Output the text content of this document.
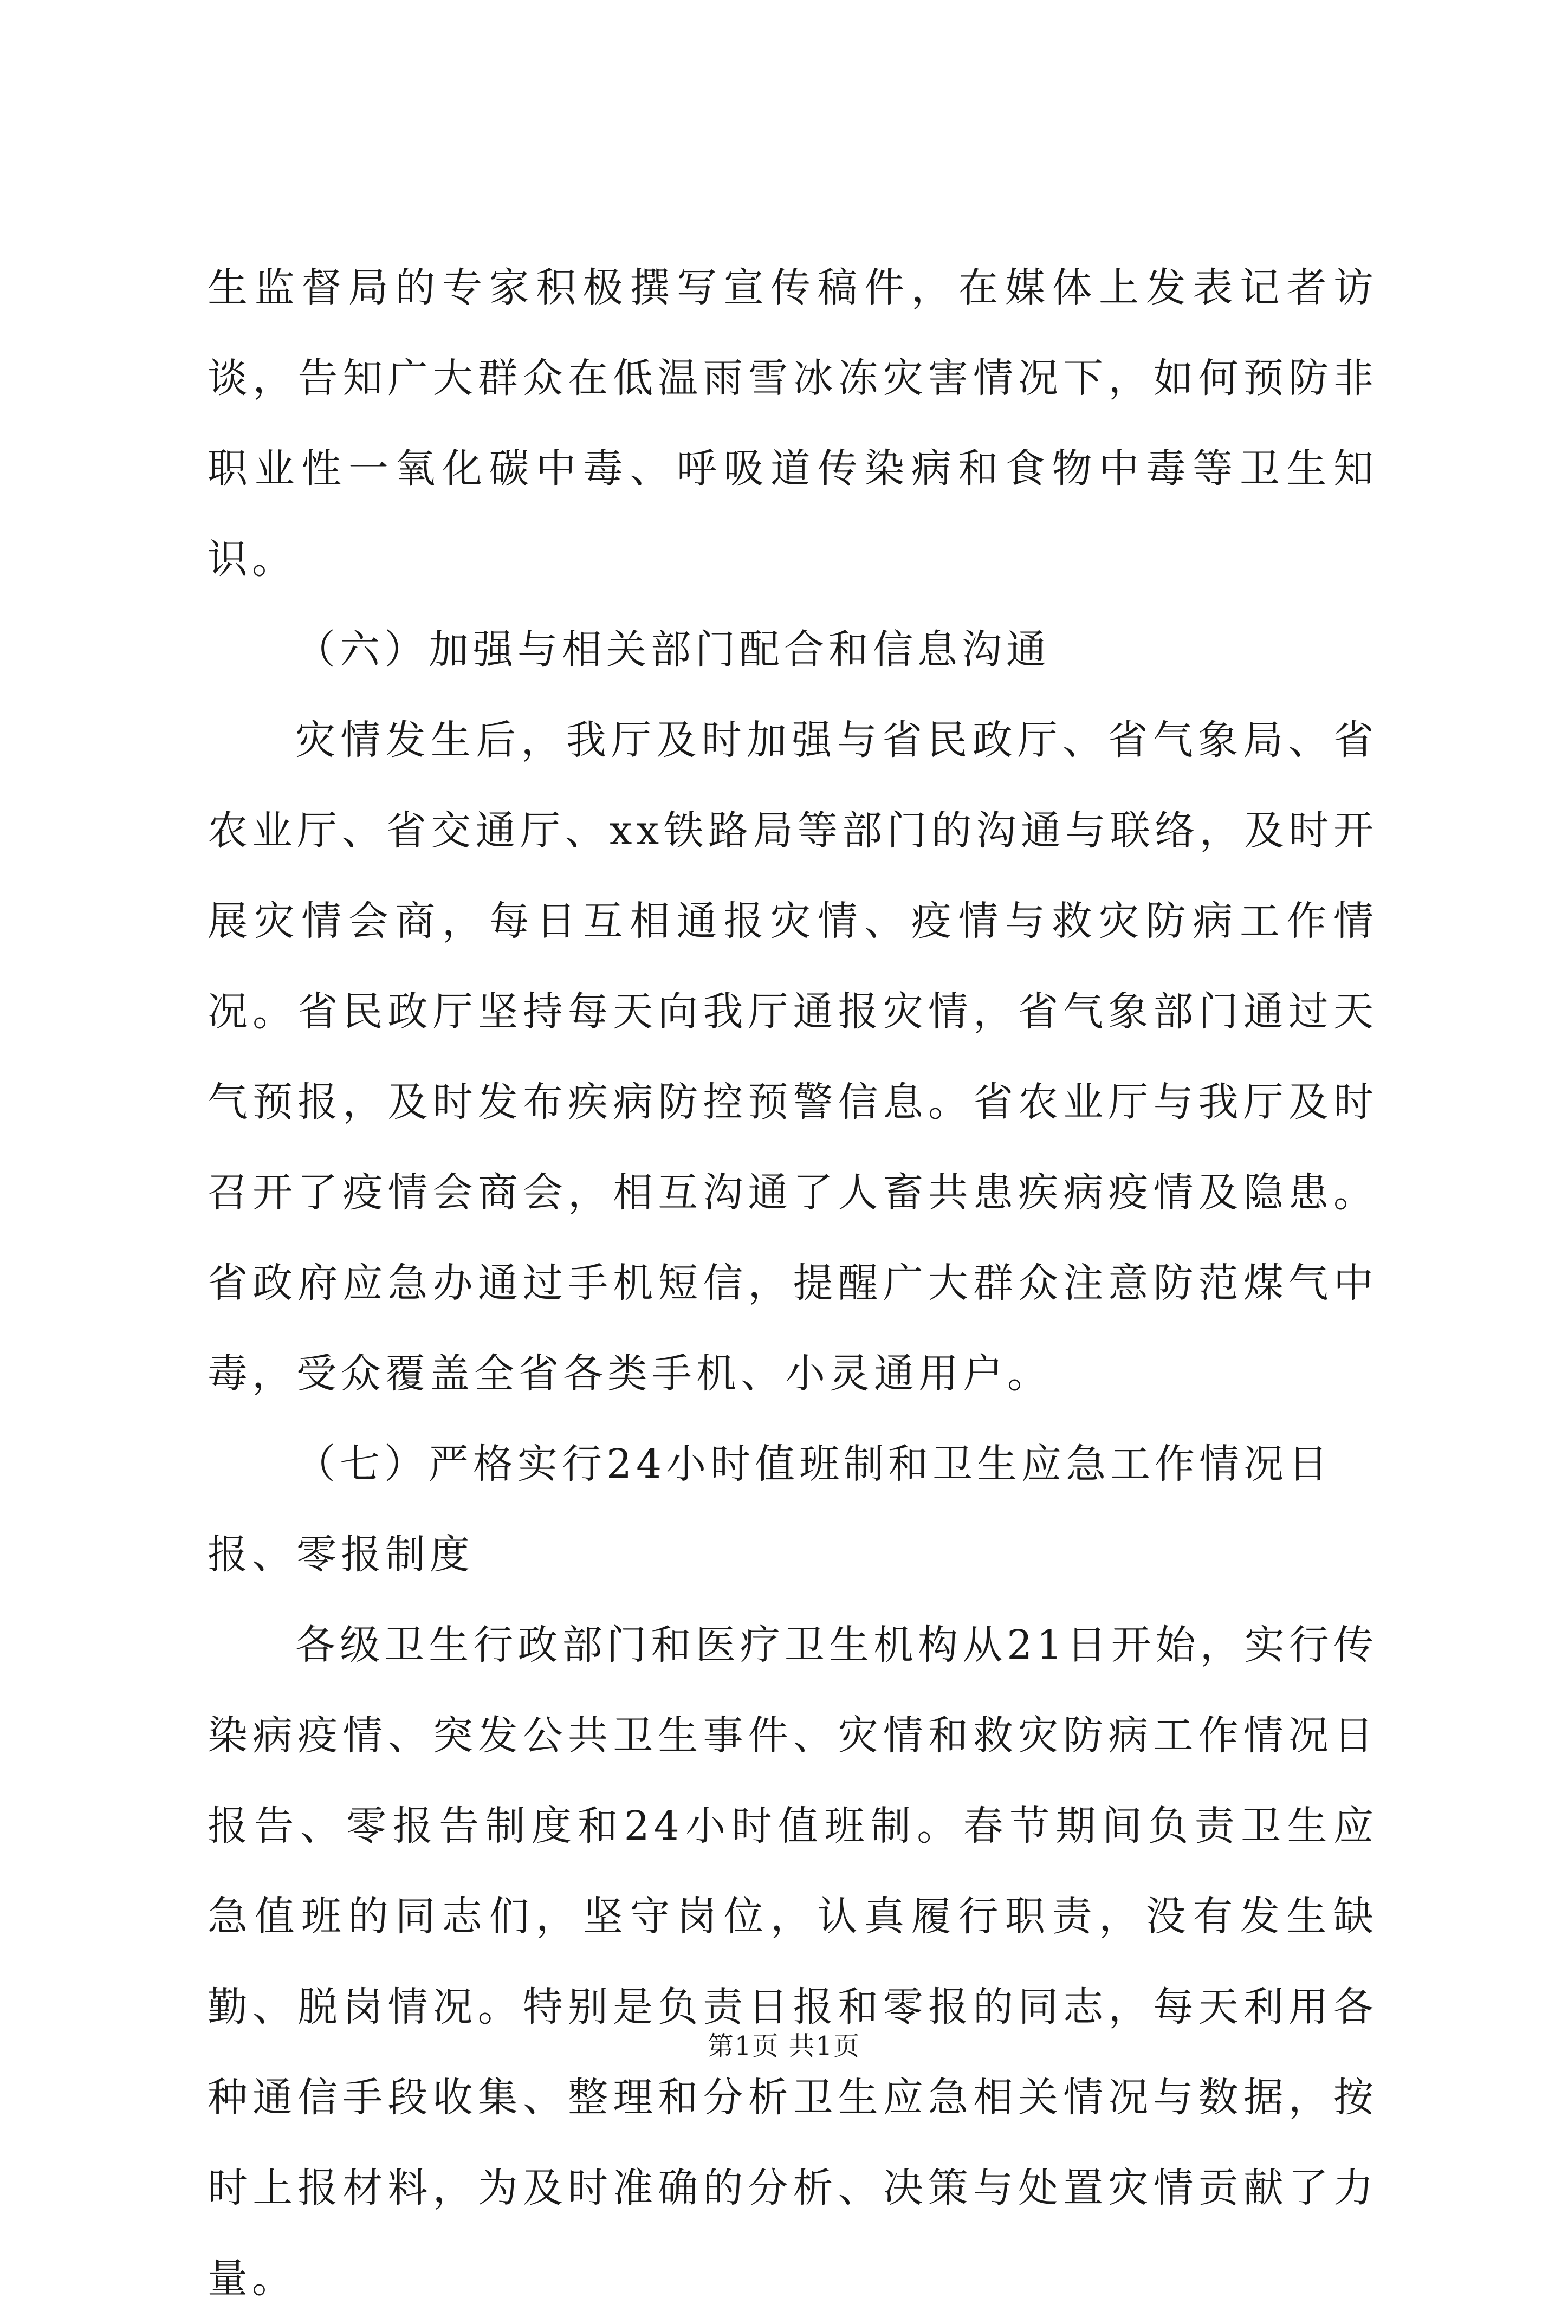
生监督局的专家积极撰写宣传稿件，在媒体上发表记者访谈，告知广大群众在低温雨雪冰冻灾害情况下，如何预防非职业性一氧化碳中毒、呼吸道传染病和食物中毒等卫生知识。

（六）加强与相关部门配合和信息沟通

灾情发生后，我厅及时加强与省民政厅、省气象局、省农业厅、省交通厅、xx铁路局等部门的沟通与联络，及时开展灾情会商，每日互相通报灾情、疫情与救灾防病工作情况。省民政厅坚持每天向我厅通报灾情，省气象部门通过天气预报，及时发布疾病防控预警信息。省农业厅与我厅及时召开了疫情会商会，相互沟通了人畜共患疾病疫情及隐患。省政府应急办通过手机短信，提醒广大群众注意防范煤气中毒，受众覆盖全省各类手机、小灵通用户。

（七）严格实行24小时值班制和卫生应急工作情况日报、零报制度

各级卫生行政部门和医疗卫生机构从21日开始，实行传染病疫情、突发公共卫生事件、灾情和救灾防病工作情况日报告、零报告制度和24小时值班制。春节期间负责卫生应急值班的同志们，坚守岗位，认真履行职责，没有发生缺勤、脱岗情况。特别是负责日报和零报的同志，每天利用各种通信手段收集、整理和分析卫生应急相关情况与数据，按时上报材料，为及时准确的分析、决策与处置灾情贡献了力量。

第1页 共1页
